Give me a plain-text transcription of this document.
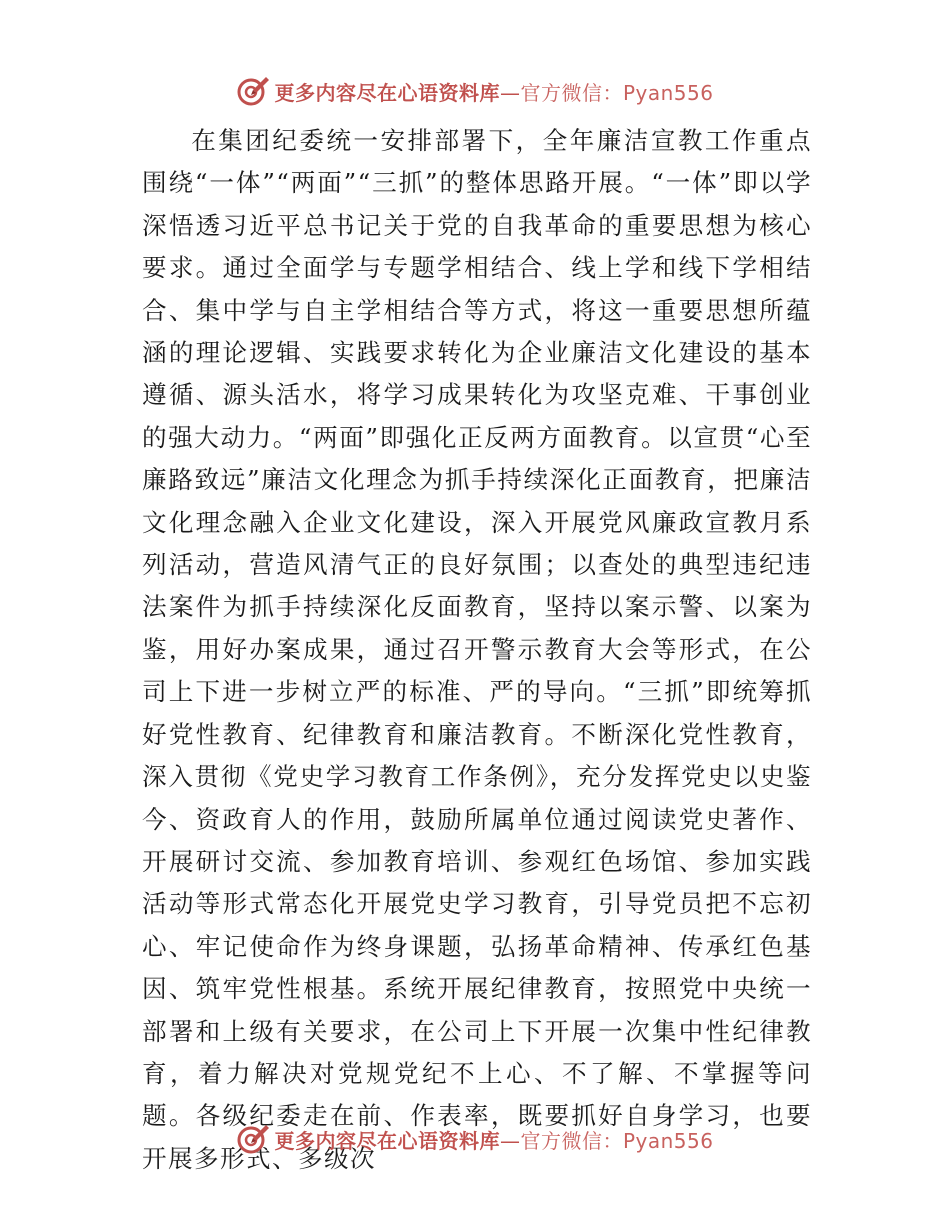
更多内容尽在心语资料库—官方微信：Pyan556

在集团纪委统一安排部署下，全年廉洁宣教工作重点围绕“一体”“两面”“三抓”的整体思路开展。“一体”即以学深悟透习近平总书记关于党的自我革命的重要思想为核心要求。通过全面学与专题学相结合、线上学和线下学相结合、集中学与自主学相结合等方式，将这一重要思想所蕴涵的理论逻辑、实践要求转化为企业廉洁文化建设的基本遵循、源头活水，将学习成果转化为攻坚克难、干事创业的强大动力。“两面”即强化正反两方面教育。以宣贯“心至廉路致远”廉洁文化理念为抓手持续深化正面教育，把廉洁文化理念融入企业文化建设，深入开展党风廉政宣教月系列活动，营造风清气正的良好氛围；以查处的典型违纪违法案件为抓手持续深化反面教育，坚持以案示警、以案为鉴，用好办案成果，通过召开警示教育大会等形式，在公司上下进一步树立严的标准、严的导向。“三抓”即统筹抓好党性教育、纪律教育和廉洁教育。不断深化党性教育，深入贯彻《党史学习教育工作条例》，充分发挥党史以史鉴今、资政育人的作用，鼓励所属单位通过阅读党史著作、开展研讨交流、参加教育培训、参观红色场馆、参加实践活动等形式常态化开展党史学习教育，引导党员把不忘初心、牢记使命作为终身课题，弘扬革命精神、传承红色基因、筑牢党性根基。系统开展纪律教育，按照党中央统一部署和上级有关要求，在公司上下开展一次集中性纪律教育，着力解决对党规党纪不上心、不了解、不掌握等问题。各级纪委走在前、作表率，既要抓好自身学习，也要开展多形式、多级次

更多内容尽在心语资料库—官方微信：Pyan556
